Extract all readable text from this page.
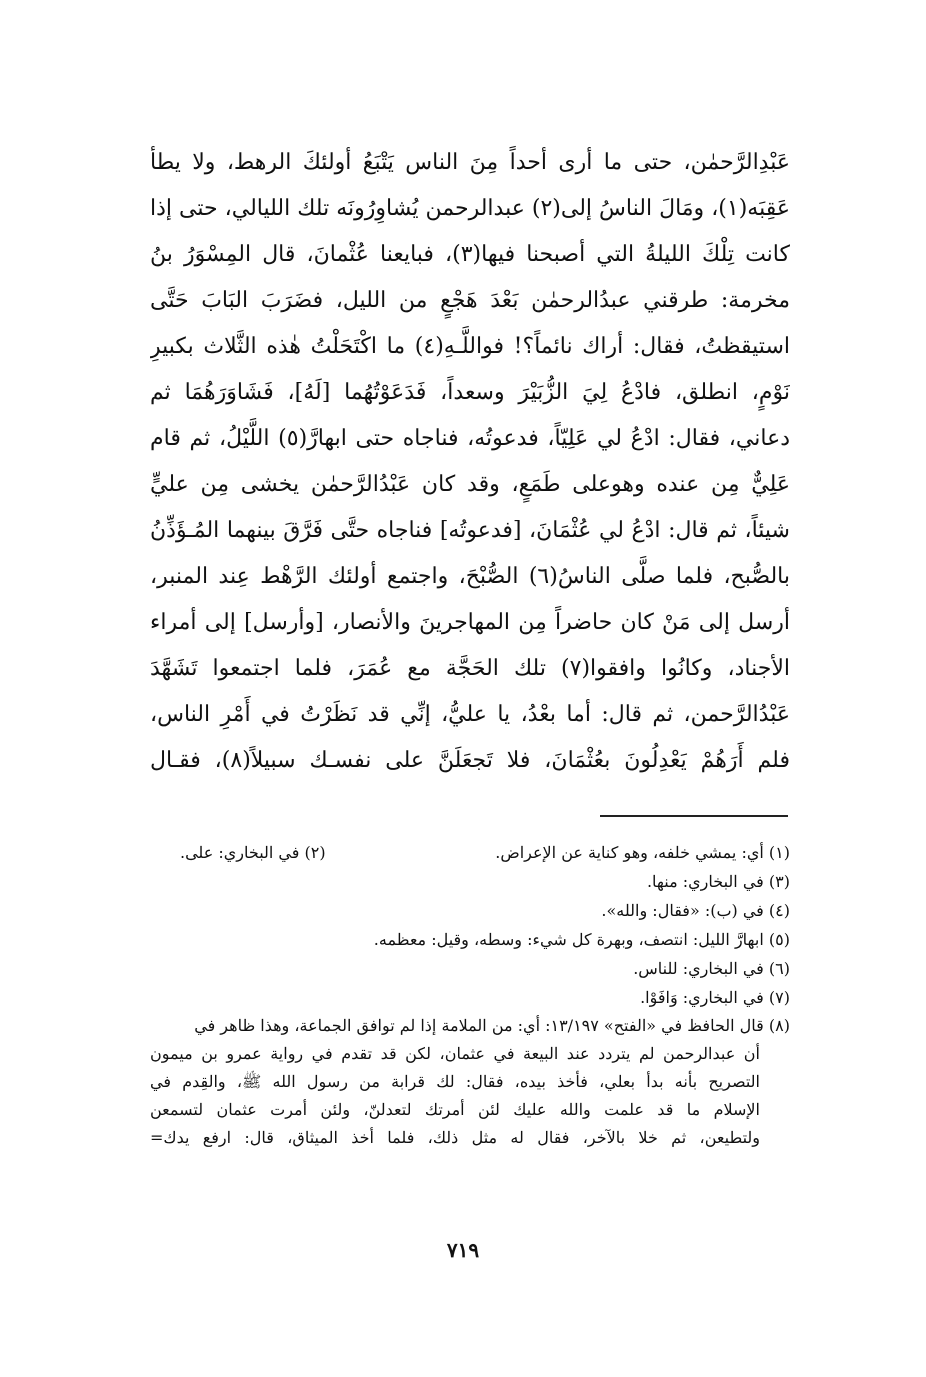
عَبْدِالرَّحمٰن، حتى ما أرى أحداً مِنَ الناس يَتْبَعُ أولئكَ الرهط، ولا يطأ
عَقِبَه(١)، ومَالَ الناسُ إلى(٢) عبدالرحمن يُشاوِرُونَه تلك الليالي، حتى إذا
كانت تِلْكَ الليلةُ التي أصبحنا فيها(٣)، فبايعنا عُثْمانَ، قال المِسْوَرُ بنُ
مخرمة: طرقني عبدُالرحمٰن بَعْدَ هَجْعٍ من الليل، فضَرَبَ البَابَ حَتَّى
استيقظتُ، فقال: أراك نائماً؟! فواللَّـهِ(٤) ما اكْتَحَلْتُ هٰذه الثَّلاث بكبيرِ
نَوْمٍ، انطلق، فادْعُ لِيَ الزُّبَيْرَ وسعداً، فَدَعَوْتُهُما [لَهُ]، فَشَاوَرَهُمَا ثم
دعاني، فقال: ادْعُ لي عَلِيّاً، فدعوتُه، فناجاه حتى ابهارَّ(٥) اللَّيْلُ، ثم قام
عَلِيٌّ مِن عنده وهوعلى طَمَعٍ، وقد كان عَبْدُالرَّحمٰن يخشى مِن عليٍّ
شيئاً، ثم قال: ادْعُ لي عُثْمَانَ، [فدعوتُه] فناجاه حتَّى فَرَّقَ بينهما المُـؤَذِّنُ
بالصُّبح، فلما صلَّى الناسُ(٦) الصُّبْحَ، واجتمع أولئك الرَّهْط عِند المنبر،
أرسل إلى مَنْ كان حاضراً مِن المهاجرينَ والأنصار، [وأرسل] إلى أمراء
الأجناد، وكانُوا وافقوا(٧) تلك الحَجَّة مع عُمَرَ، فلما اجتمعوا تَشَهَّدَ
عَبْدُالرَّحمن، ثم قال: أما بعْدُ، يا عليُّ، إنِّي قد نَظَرْتُ في أَمْرِ الناس،
فلم أَرَهُمْ يَعْدِلُونَ بعُثْمَانَ، فلا تَجعَلَنَّ على نفسـك سبيلاً(٨)، فقـال
(١) أي: يمشي خلفه، وهو كناية عن الإعراض.
(٢) في البخاري: على.
(٣) في البخاري: منها.
(٤) في (ب): «فقال: والله».
(٥) ابهارَّ الليل: انتصف، وبهرة كل شيء: وسطه، وقيل: معظمه.
(٦) في البخاري: للناس.
(٧) في البخاري: وَافَوْا.
(٨) قال الحافظ في «الفتح» ١٣/١٩٧: أي: من الملامة إذا لم توافق الجماعة، وهذا ظاهر في
أن عبدالرحمن لم يتردد عند البيعة في عثمان، لكن قد تقدم في رواية عمرو بن ميمون
التصريح بأنه بدأ بعلي، فأخذ بيده، فقال: لك قرابة من رسول الله ﷺ، والقِدم في
الإسلام ما قد علمت والله عليك لئن أمرتك لتعدلنّ، ولئن أمرت عثمان لتسمعن
ولتطيعن، ثم خلا بالآخر، فقال له مثل ذلك، فلما أخذ الميثاق، قال: ارفع يدك=
٧١٩
